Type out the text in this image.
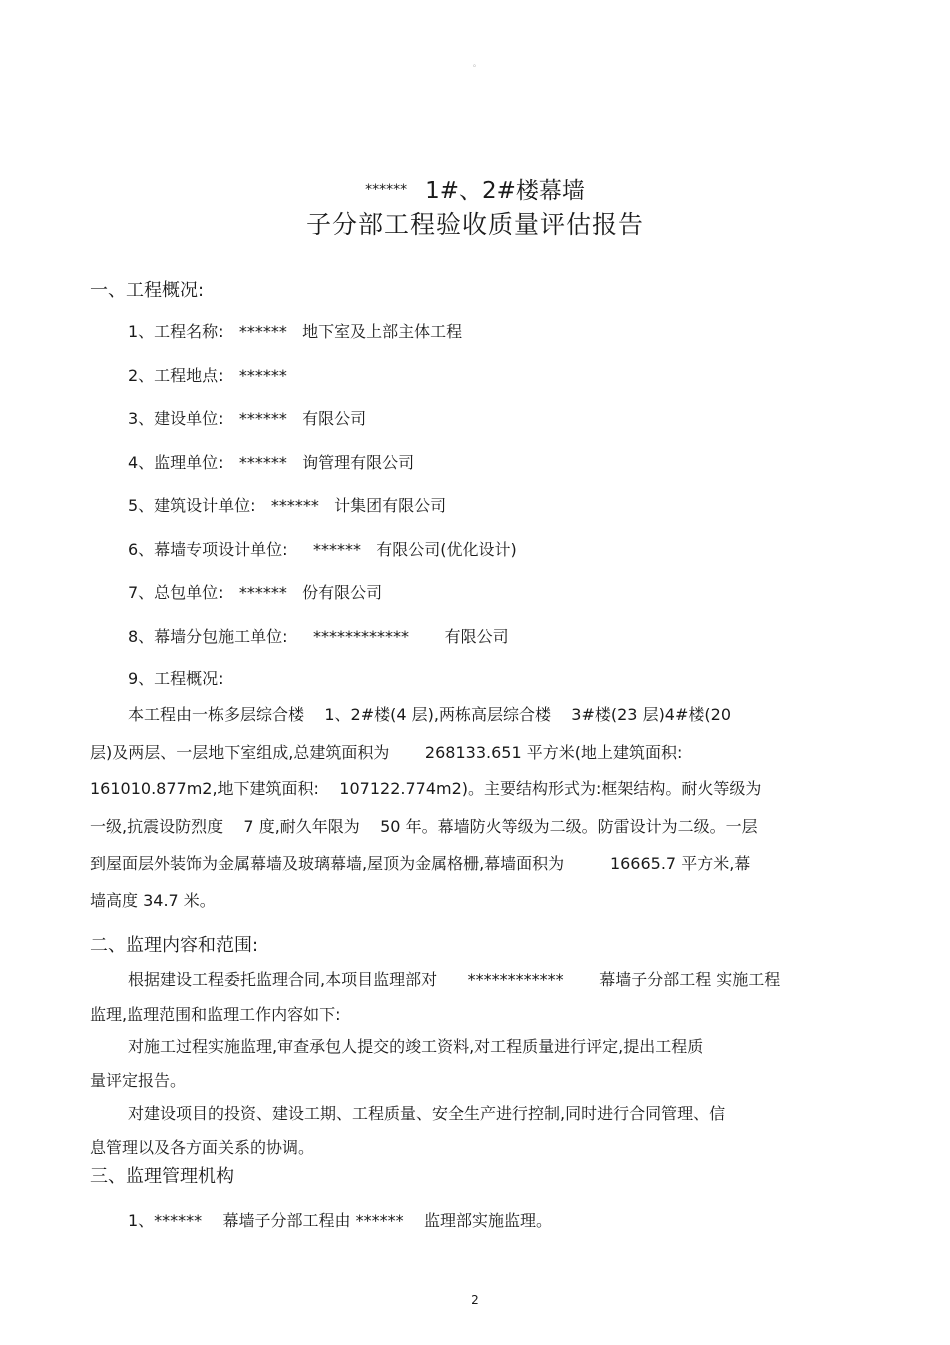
。
****** 1#、2#楼幕墙
子分部工程验收质量评估报告
一、工程概况:
1、工程名称:   ******   地下室及上部主体工程
2、工程地点:   ******
3、建设单位:   ******   有限公司
4、监理单位:   ******   询管理有限公司
5、建筑设计单位:   ******   计集团有限公司
6、幕墙专项设计单位:     ******   有限公司(优化设计)
7、总包单位:   ******   份有限公司
8、幕墙分包施工单位:     ************       有限公司
9、工程概况:
本工程由一栋多层综合楼    1、2#楼(4 层),两栋高层综合楼    3#楼(23 层)4#楼(20
层)及两层、一层地下室组成,总建筑面积为       268133.651 平方米(地上建筑面积:
161010.877m2,地下建筑面积:    107122.774m2)。主要结构形式为:框架结构。耐火等级为
一级,抗震设防烈度    7 度,耐久年限为    50 年。幕墙防火等级为二级。防雷设计为二级。一层
到屋面层外装饰为金属幕墙及玻璃幕墙,屋顶为金属格栅,幕墙面积为         16665.7 平方米,幕
墙高度 34.7 米。
二、监理内容和范围:
根据建设工程委托监理合同,本项目监理部对      ************       幕墙子分部工程 实施工程
监理,监理范围和监理工作内容如下:
对施工过程实施监理,审查承包人提交的竣工资料,对工程质量进行评定,提出工程质
量评定报告。
对建设项目的投资、建设工期、工程质量、安全生产进行控制,同时进行合同管理、信
息管理以及各方面关系的协调。
三、监理管理机构
1、******    幕墙子分部工程由 ******    监理部实施监理。
2
